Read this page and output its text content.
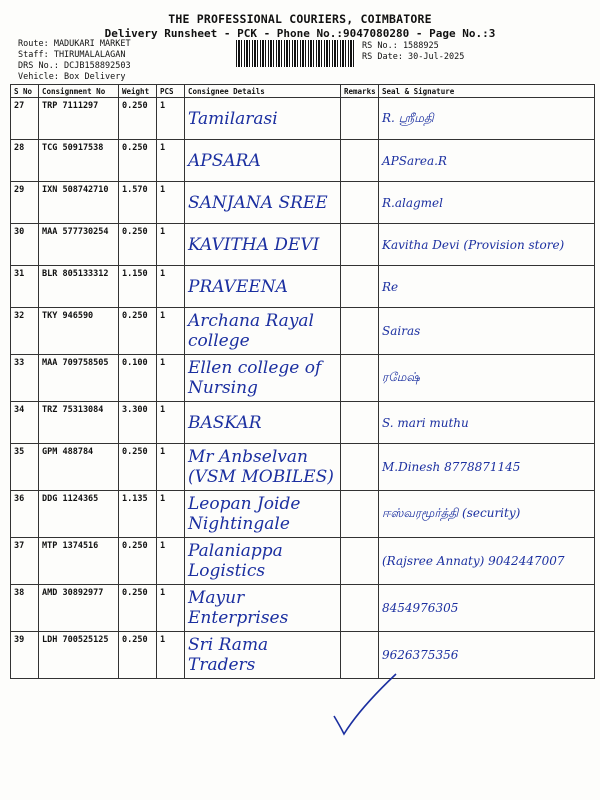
THE PROFESSIONAL COURIERS, COIMBATORE
Delivery Runsheet - PCK - Phone No.:9047080280 - Page No.:3
Route: MADUKARI MARKET
Staff: THIRUMALALAGAN
DRS No.: DCJB158892503
Vehicle: Box Delivery
RS No.: 1588925
RS Date: 30-Jul-2025
S No	Consignment No	Weight	PCS	Consignee Details	Remarks	Seal & Signature
27	TRP 7111297	0.250	1	Tamilarasi		R. ஸ்ரீமதி
28	TCG 50917538	0.250	1	APSARA		APSarea.R
29	IXN 508742710	1.570	1	SANJANA SREE		R.alagmel
30	MAA 577730254	0.250	1	KAVITHA DEVI		Kavitha Devi (Provision store)
31	BLR 805133312	1.150	1	PRAVEENA		Re
32	TKY 946590	0.250	1	Archana Rayal college		Sairas
33	MAA 709758505	0.100	1	Ellen college of Nursing		ரமேஷ்
34	TRZ 75313084	3.300	1	BASKAR		S. mari muthu
35	GPM 488784	0.250	1	Mr Anbselvan (VSM MOBILES)		M.Dinesh 8778871145
36	DDG 1124365	1.135	1	Leopan Joide Nightingale		ஈஸ்வரமூர்த்தி (security)
37	MTP 1374516	0.250	1	Palaniappa Logistics		(Rajsree Annaty) 9042447007
38	AMD 30892977	0.250	1	Mayur Enterprises		8454976305
39	LDH 700525125	0.250	1	Sri Rama Traders		9626375356
